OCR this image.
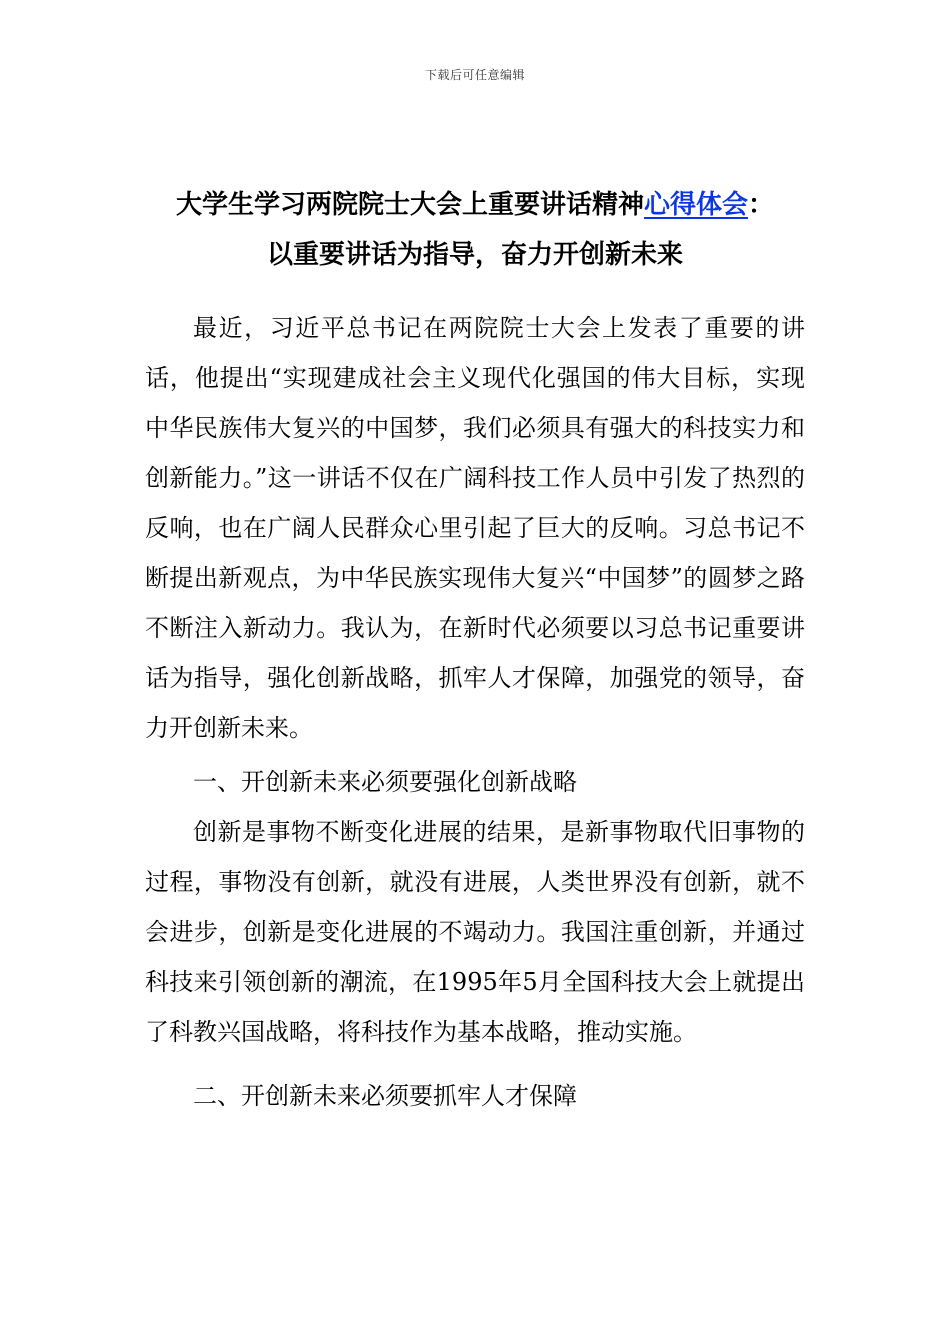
下载后可任意编辑
大学生学习两院院士大会上重要讲话精神心得体会：
以重要讲话为指导，奋力开创新未来

最近，习近平总书记在两院院士大会上发表了重要的讲话，他提出“实现建成社会主义现代化强国的伟大目标，实现中华民族伟大复兴的中国梦，我们必须具有强大的科技实力和创新能力。”这一讲话不仅在广阔科技工作人员中引发了热烈的反响，也在广阔人民群众心里引起了巨大的反响。习总书记不断提出新观点，为中华民族实现伟大复兴“中国梦”的圆梦之路不断注入新动力。我认为，在新时代必须要以习总书记重要讲话为指导，强化创新战略，抓牢人才保障，加强党的领导，奋力开创新未来。

一、开创新未来必须要强化创新战略

创新是事物不断变化进展的结果，是新事物取代旧事物的过程，事物没有创新，就没有进展，人类世界没有创新，就不会进步，创新是变化进展的不竭动力。我国注重创新，并通过科技来引领创新的潮流，在1995年5月全国科技大会上就提出了科教兴国战略，将科技作为基本战略，推动实施。

二、开创新未来必须要抓牢人才保障
